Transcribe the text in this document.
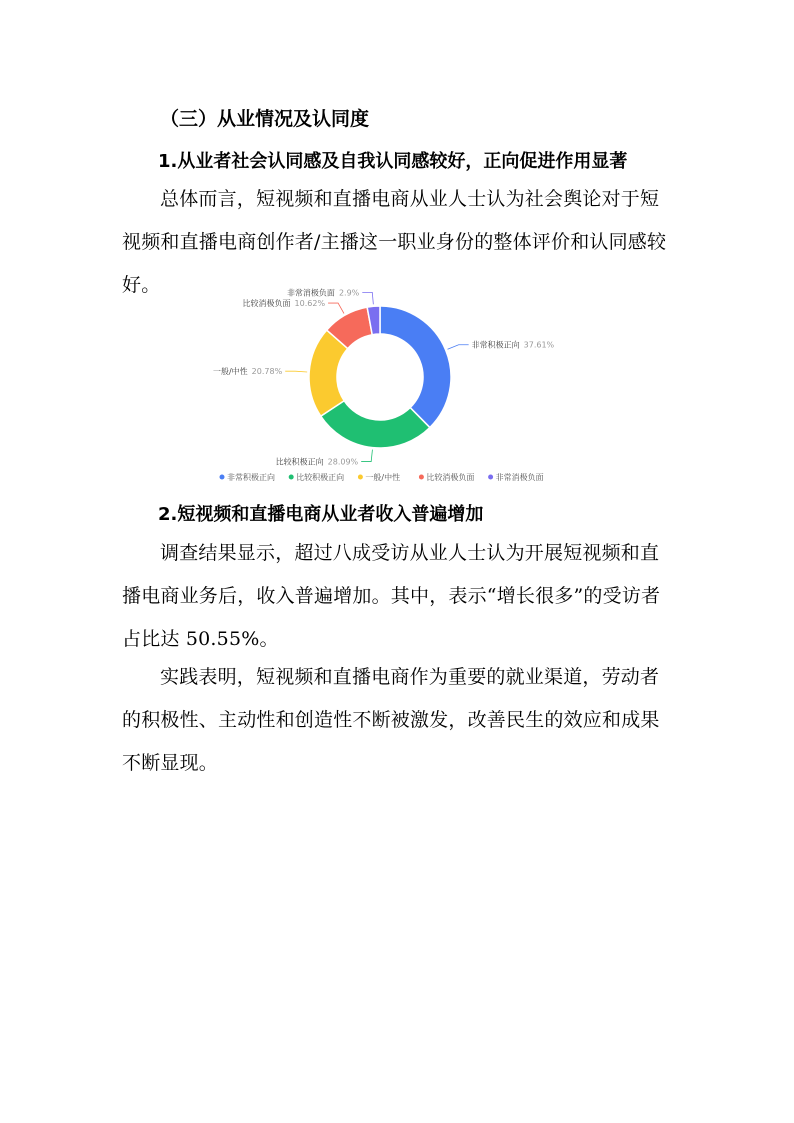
（三）从业情况及认同度
1.从业者社会认同感及自我认同感较好，正向促进作用显著
总体而言，短视频和直播电商从业人士认为社会舆论对于短视频和直播电商创作者/主播这一职业身份的整体评价和认同感较好。
非常积极正向 37.61%
比较积极正向 28.09%
一般/中性 20.78%
比较消极负面 10.62%
非常消极负面 2.9%
非常积极正向	比较积极正向	一般/中性	比较消极负面	非常消极负面
2.短视频和直播电商从业者收入普遍增加
调查结果显示，超过八成受访从业人士认为开展短视频和直播电商业务后，收入普遍增加。其中，表示“增长很多”的受访者占比达 50.55%。
实践表明，短视频和直播电商作为重要的就业渠道，劳动者的积极性、主动性和创造性不断被激发，改善民生的效应和成果不断显现。
